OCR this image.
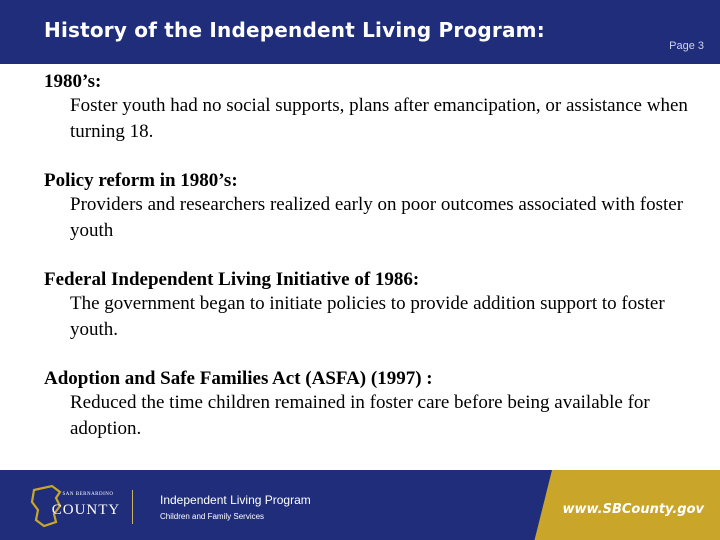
History of the Independent Living Program:
Page 3
1980’s:
Foster youth had no social supports, plans after emancipation, or assistance when turning 18.
Policy reform in 1980’s:
Providers and researchers realized early on poor outcomes associated with foster youth
Federal Independent Living Initiative of 1986:
The government began to initiate policies to provide addition support to foster youth.
Adoption and Safe Families Act (ASFA) (1997) :
Reduced the time children remained in foster care before being available for adoption.
SAN BERNARDINO
COUNTY
Independent Living Program
Children and Family Services	www.SBCounty.gov
